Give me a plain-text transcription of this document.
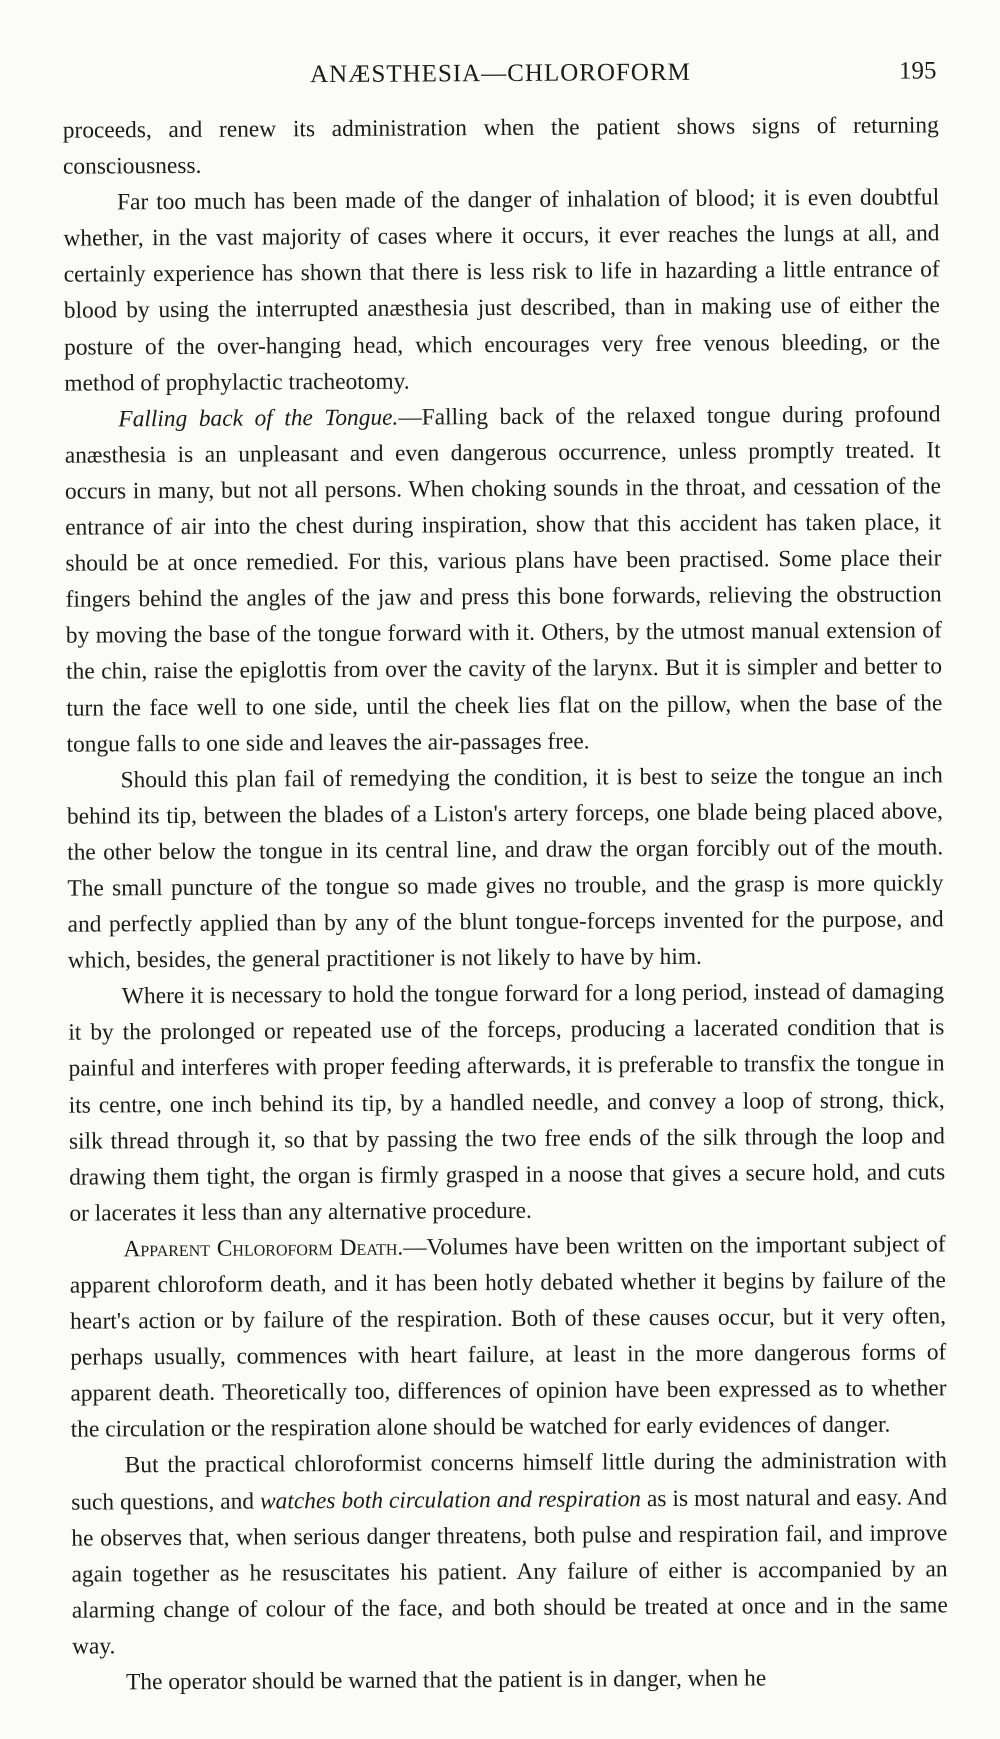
ANÆSTHESIA—CHLOROFORM	195

proceeds, and renew its administration when the patient shows signs of returning consciousness.

Far too much has been made of the danger of inhalation of blood; it is even doubtful whether, in the vast majority of cases where it occurs, it ever reaches the lungs at all, and certainly experience has shown that there is less risk to life in hazarding a little entrance of blood by using the interrupted anæsthesia just described, than in making use of either the posture of the over-hanging head, which encourages very free venous bleeding, or the method of prophylactic tracheotomy.

Falling back of the Tongue.—Falling back of the relaxed tongue during profound anæsthesia is an unpleasant and even dangerous occurrence, unless promptly treated. It occurs in many, but not all persons. When choking sounds in the throat, and cessation of the entrance of air into the chest during inspiration, show that this accident has taken place, it should be at once remedied. For this, various plans have been practised. Some place their fingers behind the angles of the jaw and press this bone forwards, relieving the obstruction by moving the base of the tongue forward with it. Others, by the utmost manual extension of the chin, raise the epiglottis from over the cavity of the larynx. But it is simpler and better to turn the face well to one side, until the cheek lies flat on the pillow, when the base of the tongue falls to one side and leaves the air-passages free.

Should this plan fail of remedying the condition, it is best to seize the tongue an inch behind its tip, between the blades of a Liston's artery forceps, one blade being placed above, the other below the tongue in its central line, and draw the organ forcibly out of the mouth. The small puncture of the tongue so made gives no trouble, and the grasp is more quickly and perfectly applied than by any of the blunt tongue-forceps invented for the purpose, and which, besides, the general practitioner is not likely to have by him.

Where it is necessary to hold the tongue forward for a long period, instead of damaging it by the prolonged or repeated use of the forceps, producing a lacerated condition that is painful and interferes with proper feeding afterwards, it is preferable to transfix the tongue in its centre, one inch behind its tip, by a handled needle, and convey a loop of strong, thick, silk thread through it, so that by passing the two free ends of the silk through the loop and drawing them tight, the organ is firmly grasped in a noose that gives a secure hold, and cuts or lacerates it less than any alternative procedure.

Apparent Chloroform Death.—Volumes have been written on the important subject of apparent chloroform death, and it has been hotly debated whether it begins by failure of the heart's action or by failure of the respiration. Both of these causes occur, but it very often, perhaps usually, commences with heart failure, at least in the more dangerous forms of apparent death. Theoretically too, differences of opinion have been expressed as to whether the circulation or the respiration alone should be watched for early evidences of danger.

But the practical chloroformist concerns himself little during the administration with such questions, and watches both circulation and respiration as is most natural and easy. And he observes that, when serious danger threatens, both pulse and respiration fail, and improve again together as he resuscitates his patient. Any failure of either is accompanied by an alarming change of colour of the face, and both should be treated at once and in the same way.

The operator should be warned that the patient is in danger, when he
